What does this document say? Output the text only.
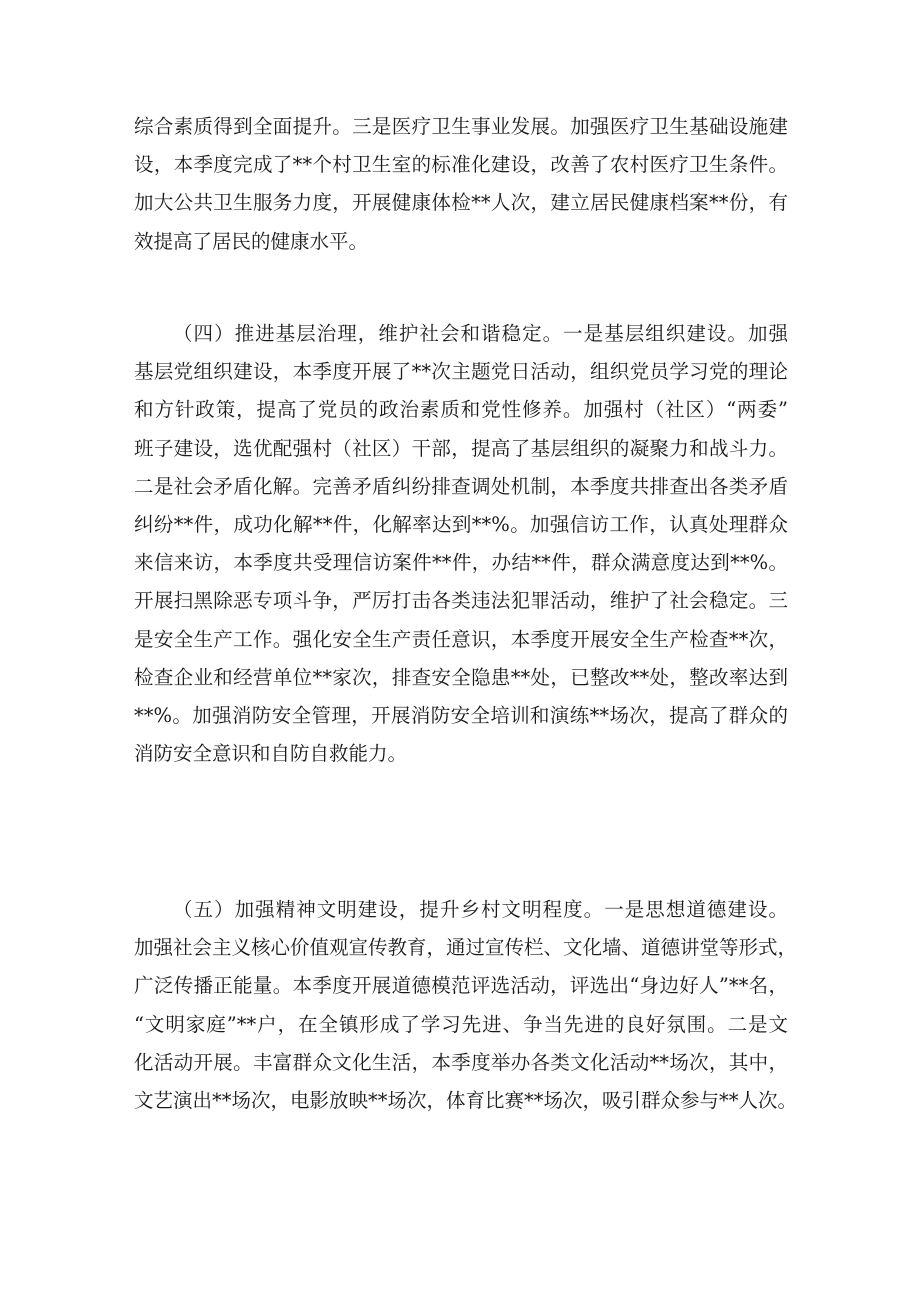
综合素质得到全面提升。三是医疗卫生事业发展。加强医疗卫生基础设施建
设，本季度完成了**个村卫生室的标准化建设，改善了农村医疗卫生条件。
加大公共卫生服务力度，开展健康体检**人次，建立居民健康档案**份，有
效提高了居民的健康水平。
（四）推进基层治理，维护社会和谐稳定。一是基层组织建设。加强
基层党组织建设，本季度开展了**次主题党日活动，组织党员学习党的理论
和方针政策，提高了党员的政治素质和党性修养。加强村（社区）“两委”
班子建设，选优配强村（社区）干部，提高了基层组织的凝聚力和战斗力。
二是社会矛盾化解。完善矛盾纠纷排查调处机制，本季度共排查出各类矛盾
纠纷**件，成功化解**件，化解率达到**%。加强信访工作，认真处理群众
来信来访，本季度共受理信访案件**件，办结**件，群众满意度达到**%。
开展扫黑除恶专项斗争，严厉打击各类违法犯罪活动，维护了社会稳定。三
是安全生产工作。强化安全生产责任意识，本季度开展安全生产检查**次，
检查企业和经营单位**家次，排查安全隐患**处，已整改**处，整改率达到
**%。加强消防安全管理，开展消防安全培训和演练**场次，提高了群众的
消防安全意识和自防自救能力。
（五）加强精神文明建设，提升乡村文明程度。一是思想道德建设。
加强社会主义核心价值观宣传教育，通过宣传栏、文化墙、道德讲堂等形式，
广泛传播正能量。本季度开展道德模范评选活动，评选出“身边好人”**名，
“文明家庭”**户，在全镇形成了学习先进、争当先进的良好氛围。二是文
化活动开展。丰富群众文化生活，本季度举办各类文化活动**场次，其中，
文艺演出**场次，电影放映**场次，体育比赛**场次，吸引群众参与**人次。
